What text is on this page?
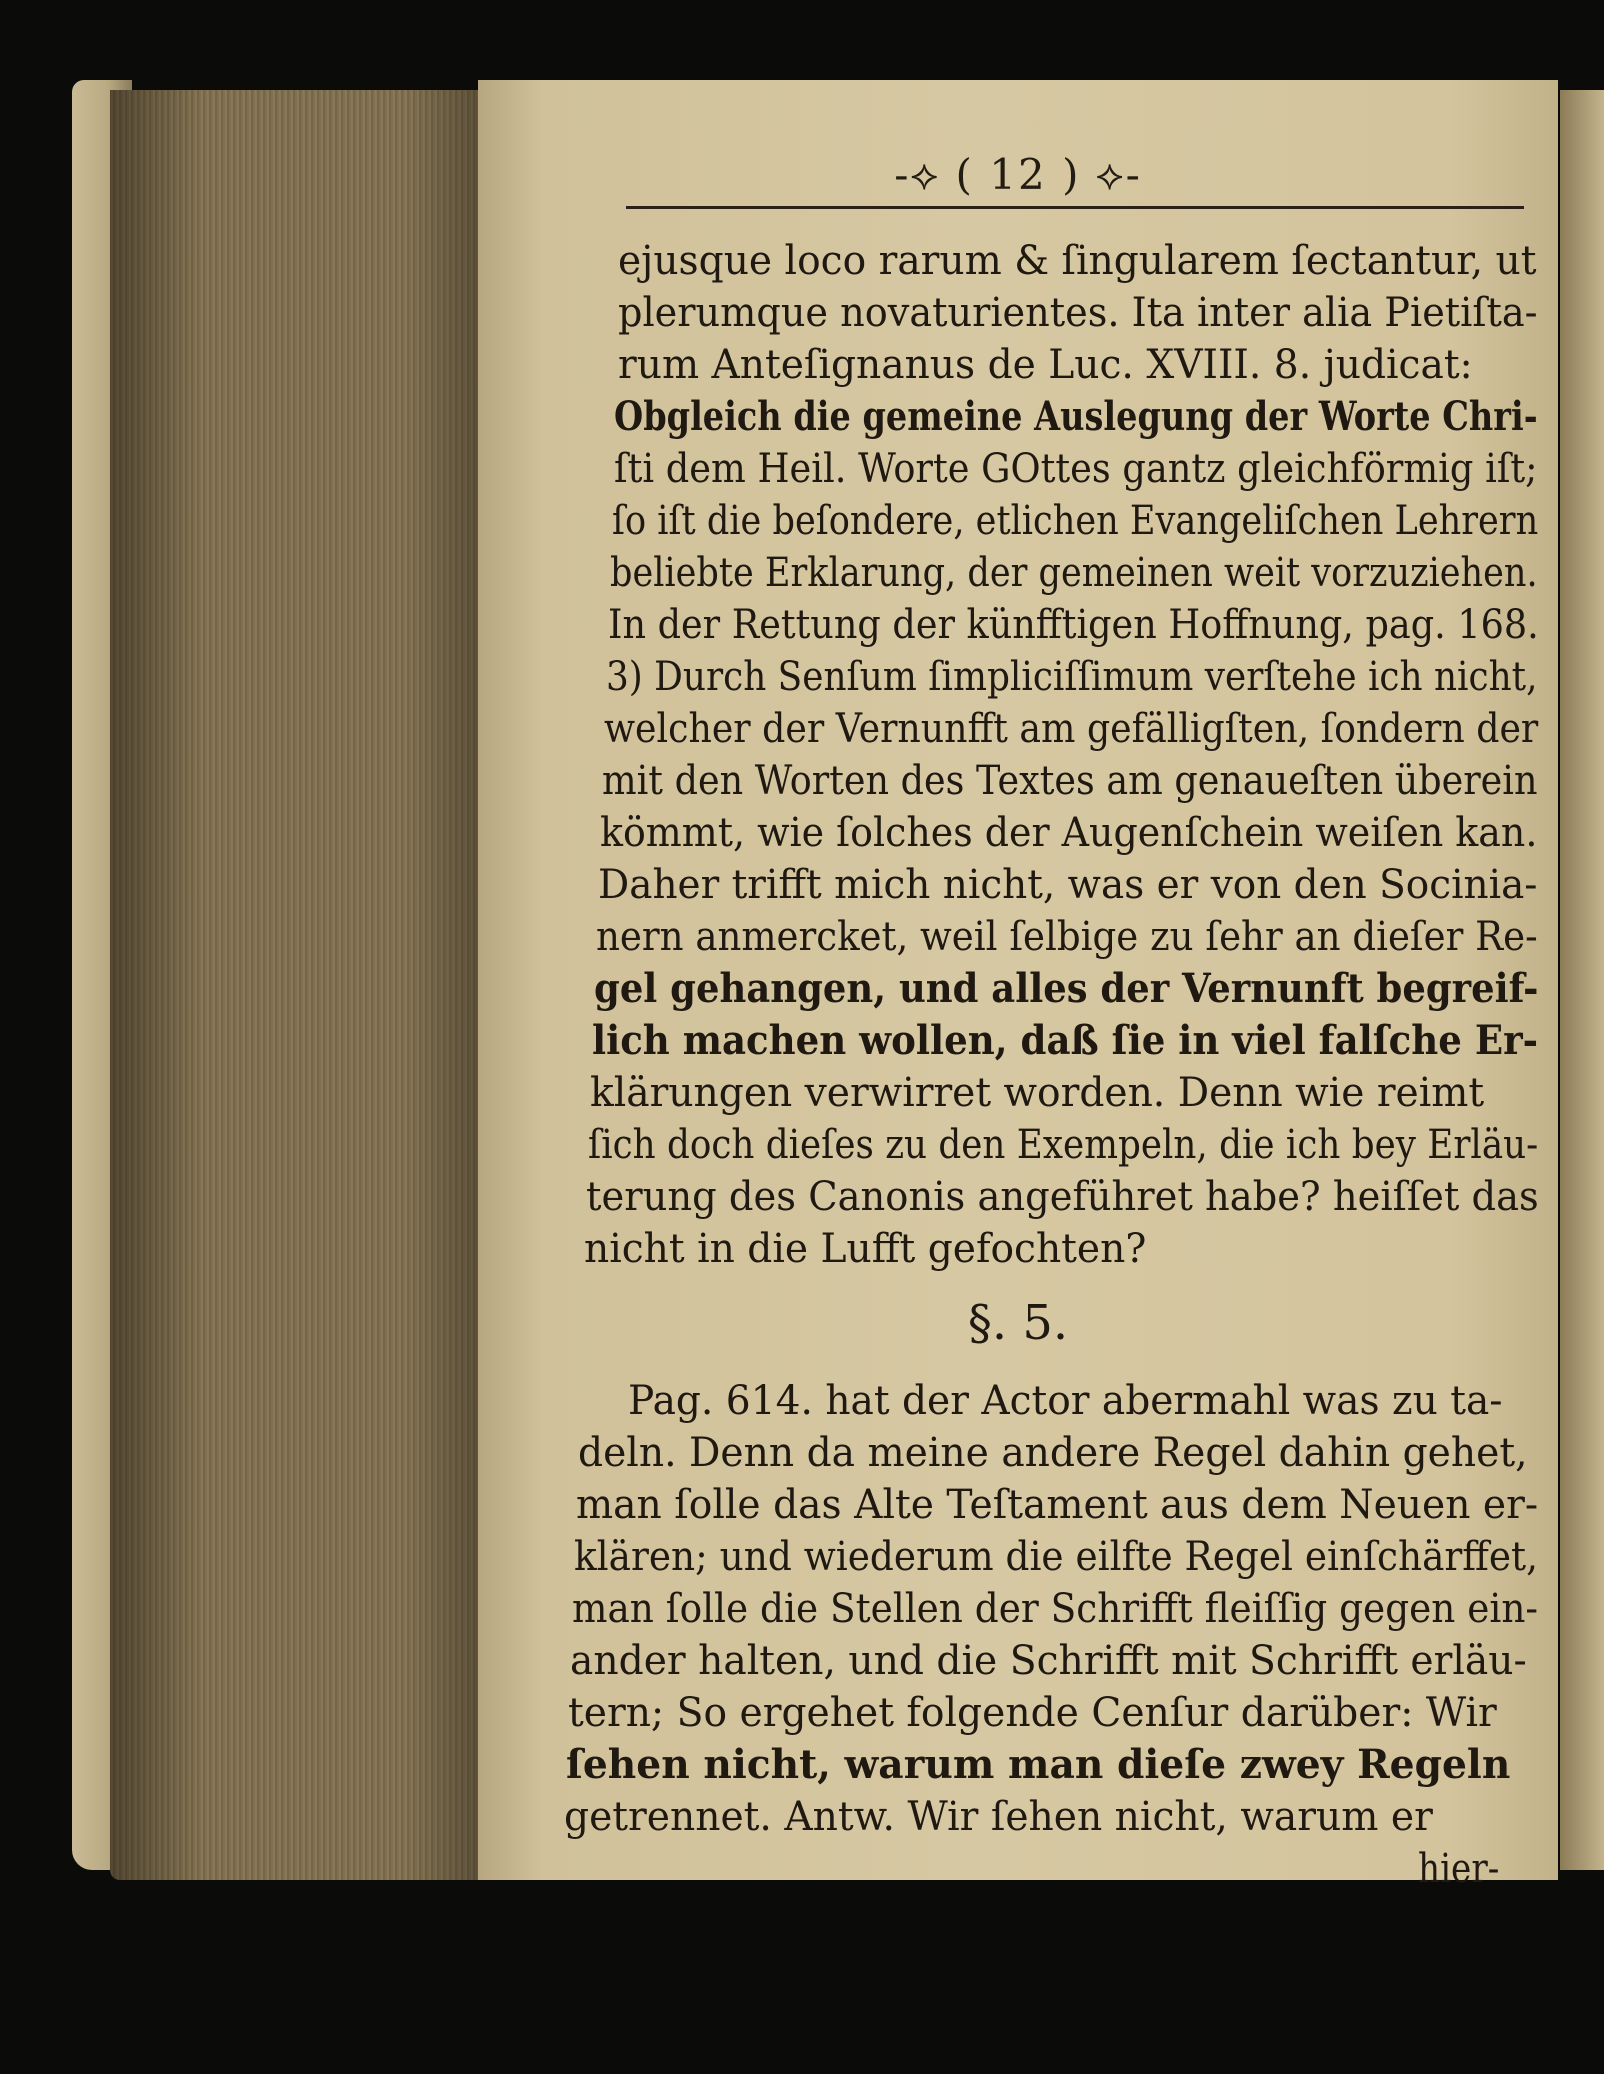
-⟡ ( 12 ) ⟡-
ejusque loco rarum & ſingularem ſectantur, ut
plerumque novaturientes. Ita inter alia Pietiſta-
rum Anteſignanus de Luc. XVIII. 8. judicat:
Obgleich die gemeine Auslegung der Worte Chri-
ſti dem Heil. Worte GOttes gantz gleichförmig iſt;
ſo iſt die beſondere, etlichen Evangeliſchen Lehrern
beliebte Erklarung, der gemeinen weit vorzuziehen.
In der Rettung der künfftigen Hoffnung, pag. 168.
3) Durch Senſum ſimpliciſſimum verſtehe ich nicht,
welcher der Vernunfft am gefälligſten, ſondern der
mit den Worten des Textes am genaueſten überein
kömmt, wie ſolches der Augenſchein weiſen kan.
Daher trifft mich nicht, was er von den Socinia-
nern anmercket, weil ſelbige zu ſehr an dieſer Re-
gel gehangen, und alles der Vernunft begreif-
lich machen wollen, daß ſie in viel falſche Er-
klärungen verwirret worden. Denn wie reimt
ſich doch dieſes zu den Exempeln, die ich bey Erläu-
terung des Canonis angeführet habe? heiſſet das
nicht in die Lufft gefochten?
§. 5.
Pag. 614. hat der Actor abermahl was zu ta-
deln. Denn da meine andere Regel dahin gehet,
man ſolle das Alte Teſtament aus dem Neuen er-
klären; und wiederum die eilfte Regel einſchärffet,
man ſolle die Stellen der Schrifft fleiſſig gegen ein-
ander halten, und die Schrifft mit Schrifft erläu-
tern; So ergehet folgende Cenſur darüber: Wir
ſehen nicht, warum man dieſe zwey Regeln
getrennet. Antw. Wir ſehen nicht, warum er
hier-
